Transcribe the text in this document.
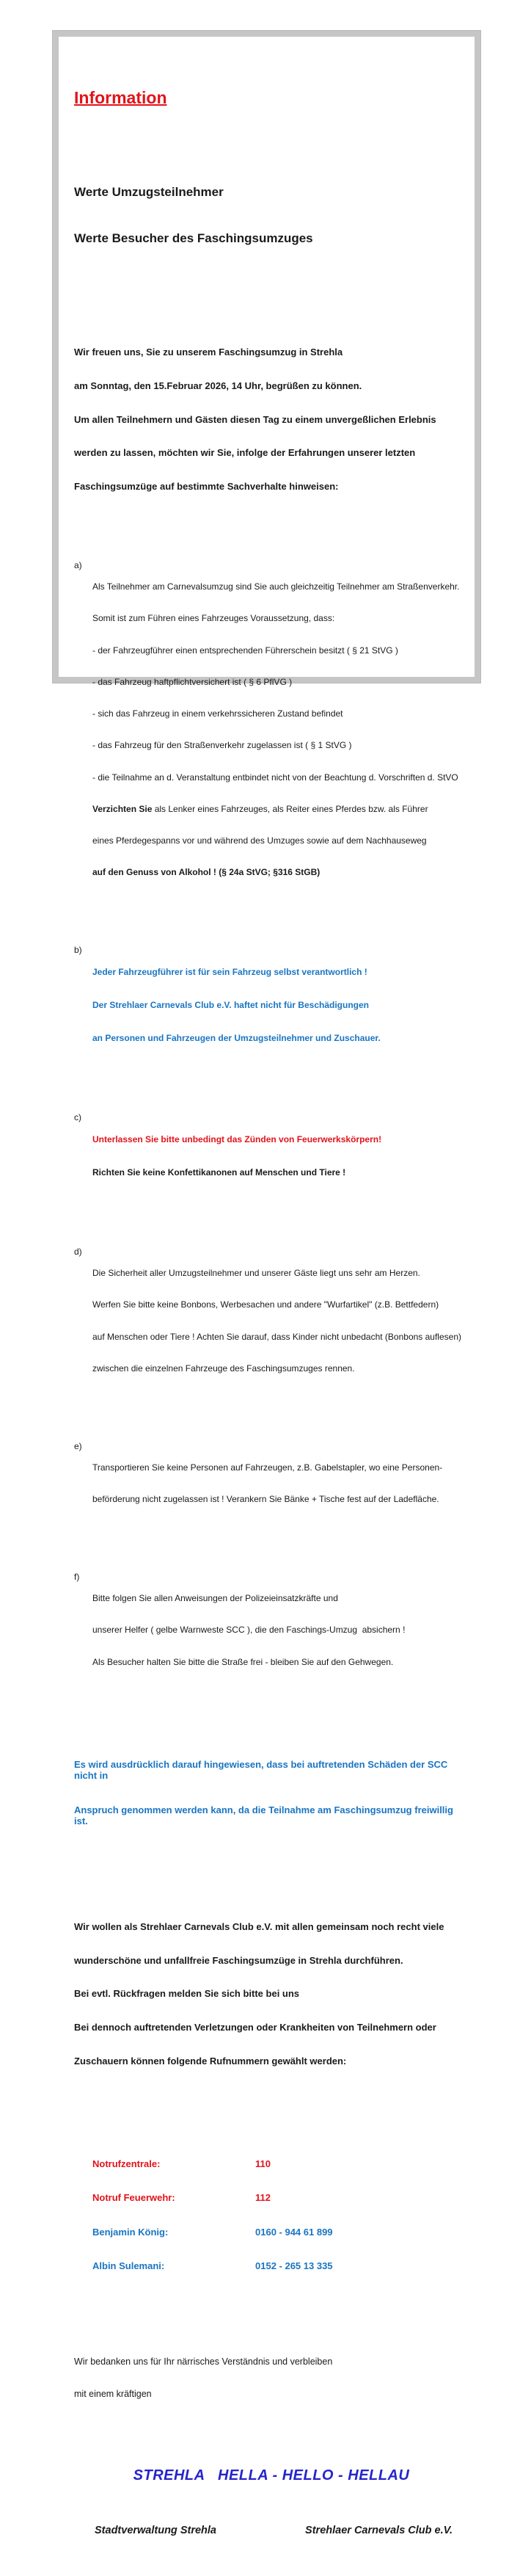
Information

Werte Umzugsteilnehmer

Werte Besucher des Faschingsumzuges

Wir freuen uns, Sie zu unserem Faschingsumzug in Strehla

am Sonntag, den 15.Februar 2026, 14 Uhr, begrüßen zu können.

Um allen Teilnehmern und Gästen diesen Tag zu einem unvergeßlichen Erlebnis

werden zu lassen, möchten wir Sie, infolge der Erfahrungen unserer letzten

Faschingsumzüge auf bestimmte Sachverhalte hinweisen:

a)

Als Teilnehmer am Carnevalsumzug sind Sie auch gleichzeitig Teilnehmer am Straßenverkehr.

Somit ist zum Führen eines Fahrzeuges Voraussetzung, dass:

- der Fahrzeugführer einen entsprechenden Führerschein besitzt ( § 21 StVG )

- das Fahrzeug haftpflichtversichert ist ( § 6 PflVG )

- sich das Fahrzeug in einem verkehrssicheren Zustand befindet

- das Fahrzeug für den Straßenverkehr zugelassen ist ( § 1 StVG )

- die Teilnahme an d. Veranstaltung entbindet nicht von der Beachtung d. Vorschriften d. StVO

Verzichten Sie als Lenker eines Fahrzeuges, als Reiter eines Pferdes bzw. als Führer

eines Pferdegespanns vor und während des Umzuges sowie auf dem Nachhauseweg

auf den Genuss von Alkohol ! (§ 24a StVG; §316 StGB)

b)

Jeder Fahrzeugführer ist für sein Fahrzeug selbst verantwortlich !

Der Strehlaer Carnevals Club e.V. haftet nicht für Beschädigungen

an Personen und Fahrzeugen der Umzugsteilnehmer und Zuschauer.

c)

Unterlassen Sie bitte unbedingt das Zünden von Feuerwerkskörpern!

Richten Sie keine Konfettikanonen auf Menschen und Tiere !

d)

Die Sicherheit aller Umzugsteilnehmer und unserer Gäste liegt uns sehr am Herzen.

Werfen Sie bitte keine Bonbons, Werbesachen und andere "Wurfartikel" (z.B. Bettfedern)

auf Menschen oder Tiere ! Achten Sie darauf, dass Kinder nicht unbedacht (Bonbons auflesen)

zwischen die einzelnen Fahrzeuge des Faschingsumzuges rennen.

e)

Transportieren Sie keine Personen auf Fahrzeugen, z.B. Gabelstapler, wo eine Personen-

beförderung nicht zugelassen ist ! Verankern Sie Bänke + Tische fest auf der Ladefläche.

f)

Bitte folgen Sie allen Anweisungen der Polizeieinsatzkräfte und

unserer Helfer ( gelbe Warnweste SCC ), die den Faschings-Umzug  absichern !

Als Besucher halten Sie bitte die Straße frei - bleiben Sie auf den Gehwegen.

Es wird ausdrücklich darauf hingewiesen, dass bei auftretenden Schäden der SCC nicht in

Anspruch genommen werden kann, da die Teilnahme am Faschingsumzug freiwillig ist.

Wir wollen als Strehlaer Carnevals Club e.V. mit allen gemeinsam noch recht viele

wunderschöne und unfallfreie Faschingsumzüge in Strehla durchführen.

Bei evtl. Rückfragen melden Sie sich bitte bei uns

Bei dennoch auftretenden Verletzungen oder Krankheiten von Teilnehmern oder

Zuschauern können folgende Rufnummern gewählt werden:

Notrufzentrale:	110

Notruf Feuerwehr:	112

Benjamin König:	0160 - 944 61 899

Albin Sulemani:	0152 - 265 13 335

Wir bedanken uns für Ihr närrisches Verständnis und verbleiben

mit einem kräftigen

STREHLA   HELLA - HELLO - HELLAU

Stadtverwaltung Strehla	Strehlaer Carnevals Club e.V.
